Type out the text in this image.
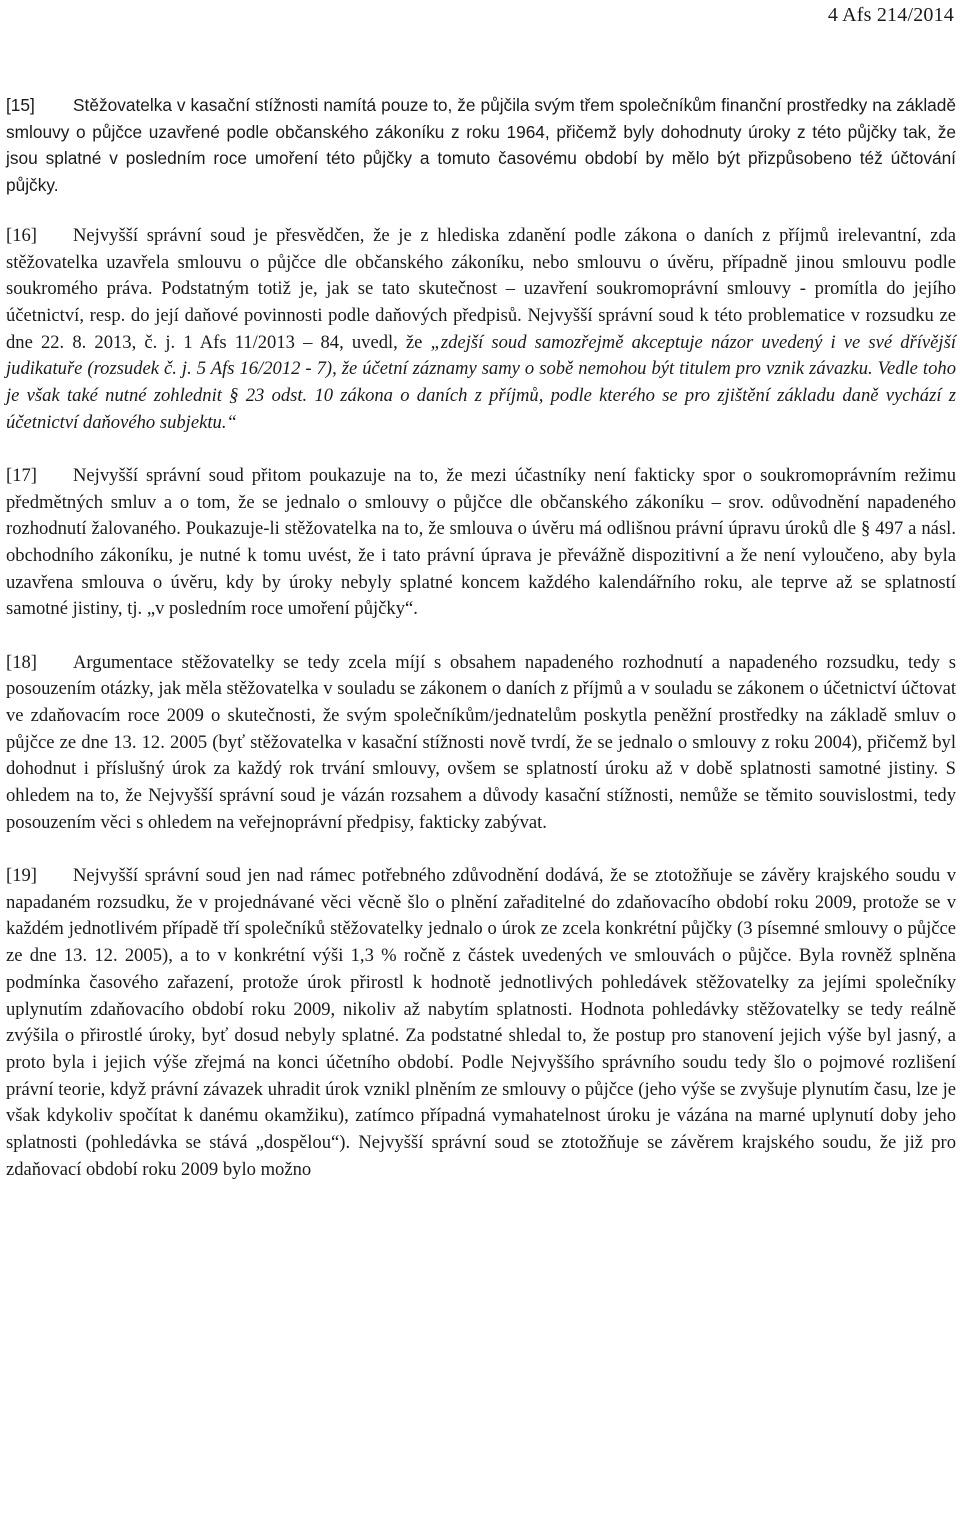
4 Afs 214/2014

[15] Stěžovatelka v kasační stížnosti namítá pouze to, že půjčila svým třem společníkům finanční prostředky na základě smlouvy o půjčce uzavřené podle občanského zákoníku z roku 1964, přičemž byly dohodnuty úroky z této půjčky tak, že jsou splatné v posledním roce umoření této půjčky a tomuto časovému období by mělo být přizpůsobeno též účtování půjčky.

[16] Nejvyšší správní soud je přesvědčen, že je z hlediska zdanění podle zákona o daních z příjmů irelevantní, zda stěžovatelka uzavřela smlouvu o půjčce dle občanského zákoníku, nebo smlouvu o úvěru, případně jinou smlouvu podle soukromého práva. Podstatným totiž je, jak se tato skutečnost – uzavření soukromoprávní smlouvy - promítla do jejího účetnictví, resp. do její daňové povinnosti podle daňových předpisů. Nejvyšší správní soud k této problematice v rozsudku ze dne 22. 8. 2013, č. j. 1 Afs 11/2013 – 84, uvedl, že „zdejší soud samozřejmě akceptuje názor uvedený i ve své dřívější judikatuře (rozsudek č. j. 5 Afs 16/2012 - 7), že účetní záznamy samy o sobě nemohou být titulem pro vznik závazku. Vedle toho je však také nutné zohlednit § 23 odst. 10 zákona o daních z příjmů, podle kterého se pro zjištění základu daně vychází z účetnictví daňového subjektu.“

[17] Nejvyšší správní soud přitom poukazuje na to, že mezi účastníky není fakticky spor o soukromoprávním režimu předmětných smluv a o tom, že se jednalo o smlouvy o půjčce dle občanského zákoníku – srov. odůvodnění napadeného rozhodnutí žalovaného. Poukazuje-li stěžovatelka na to, že smlouva o úvěru má odlišnou právní úpravu úroků dle § 497 a násl. obchodního zákoníku, je nutné k tomu uvést, že i tato právní úprava je převážně dispozitivní a že není vyloučeno, aby byla uzavřena smlouva o úvěru, kdy by úroky nebyly splatné koncem každého kalendářního roku, ale teprve až se splatností samotné jistiny, tj. „v posledním roce umoření půjčky“.

[18] Argumentace stěžovatelky se tedy zcela míjí s obsahem napadeného rozhodnutí a napadeného rozsudku, tedy s posouzením otázky, jak měla stěžovatelka v souladu se zákonem o daních z příjmů a v souladu se zákonem o účetnictví účtovat ve zdaňovacím roce 2009 o skutečnosti, že svým společníkům/jednatelům poskytla peněžní prostředky na základě smluv o půjčce ze dne 13. 12. 2005 (byť stěžovatelka v kasační stížnosti nově tvrdí, že se jednalo o smlouvy z roku 2004), přičemž byl dohodnut i příslušný úrok za každý rok trvání smlouvy, ovšem se splatností úroku až v době splatnosti samotné jistiny. S ohledem na to, že Nejvyšší správní soud je vázán rozsahem a důvody kasační stížnosti, nemůže se těmito souvislostmi, tedy posouzením věci s ohledem na veřejnoprávní předpisy, fakticky zabývat.

[19] Nejvyšší správní soud jen nad rámec potřebného zdůvodnění dodává, že se ztotožňuje se závěry krajského soudu v napadaném rozsudku, že v projednávané věci věcně šlo o plnění zařaditelné do zdaňovacího období roku 2009, protože se v každém jednotlivém případě tří společníků stěžovatelky jednalo o úrok ze zcela konkrétní půjčky (3 písemné smlouvy o půjčce ze dne 13. 12. 2005), a to v konkrétní výši 1,3 % ročně z částek uvedených ve smlouvách o půjčce. Byla rovněž splněna podmínka časového zařazení, protože úrok přirostl k hodnotě jednotlivých pohledávek stěžovatelky za jejími společníky uplynutím zdaňovacího období roku 2009, nikoliv až nabytím splatnosti. Hodnota pohledávky stěžovatelky se tedy reálně zvýšila o přirostlé úroky, byť dosud nebyly splatné. Za podstatné shledal to, že postup pro stanovení jejich výše byl jasný, a proto byla i jejich výše zřejmá na konci účetního období. Podle Nejvyššího správního soudu tedy šlo o pojmové rozlišení právní teorie, když právní závazek uhradit úrok vznikl plněním ze smlouvy o půjčce (jeho výše se zvyšuje plynutím času, lze je však kdykoliv spočítat k danému okamžiku), zatímco případná vymahatelnost úroku je vázána na marné uplynutí doby jeho splatnosti (pohledávka se stává „dospělou“). Nejvyšší správní soud se ztotožňuje se závěrem krajského soudu, že již pro zdaňovací období roku 2009 bylo možno
